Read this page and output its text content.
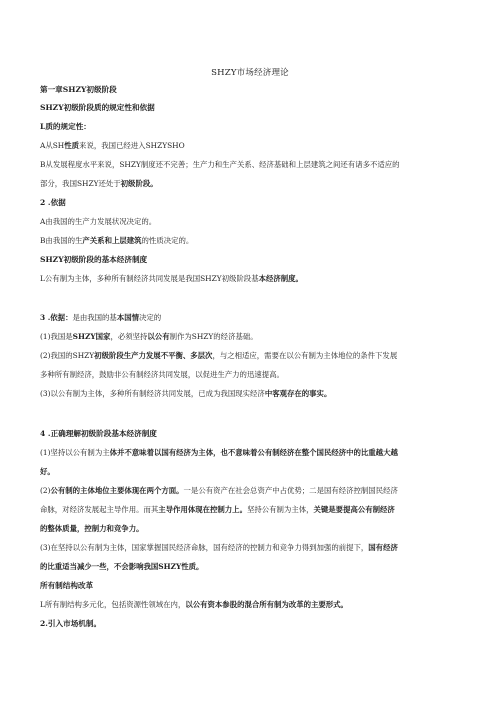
SHZY市场经济理论
第一章SHZY初级阶段
SHZY初级阶段质的规定性和依据
L质的规定性：
A从SH性质来说，我国已经进入SHZYSHO
B从发展程度水平来说，SHZY制度还不完善；生产力和生产关系、经济基础和上层建筑之间还有诸多不适应的
部分，我国SHZY还处于初级阶段。
2 .依据
A由我国的生产力发展状况决定的。
B由我国的生产关系和上层建筑的性质决定的。
SHZY初级阶段的基本经济制度
L公有制为主体，多种所有制经济共同发展是我国SHZY初级阶段基本经济制度。
3 .依据：是由我国的基本国情决定的
(1)我国是SHZY国家，必须坚持以公有制作为SHZY的经济基础。
(2)我国的SHZY初级阶段生产力发展不平衡、多层次，与之相适应，需要在以公有制为主体地位的条件下发展
多种所有制经济，鼓励非公有制经济共同发展，以促进生产力的迅速提高。
(3)以公有制为主体，多种所有制经济共同发展，已成为我国现实经济中客观存在的事实。
4 .正确理解初级阶段基本经济制度
(1)坚持以公有制为主体并不意味着以国有经济为主体，也不意味着公有制经济在整个国民经济中的比重越大越
好。
(2)公有制的主体地位主要体现在两个方面。一是公有资产在社会总资产中占优势；二是国有经济控制国民经济
命脉，对经济发展起主导作用。而其主导作用体现在控制力上。坚持公有制为主体，关键是要提高公有制经济
的整体质量，控制力和竞争力。
(3)在坚持以公有制为主体，国家掌握国民经济命脉，国有经济的控制力和竞争力得到加强的前提下，国有经济
的比重适当减少一些，不会影响我国SHZY性质。
所有制结构改革
L所有制结构多元化，包括资源性领域在内，以公有资本参股的混合所有制为改革的主要形式。
2.引入市场机制。
